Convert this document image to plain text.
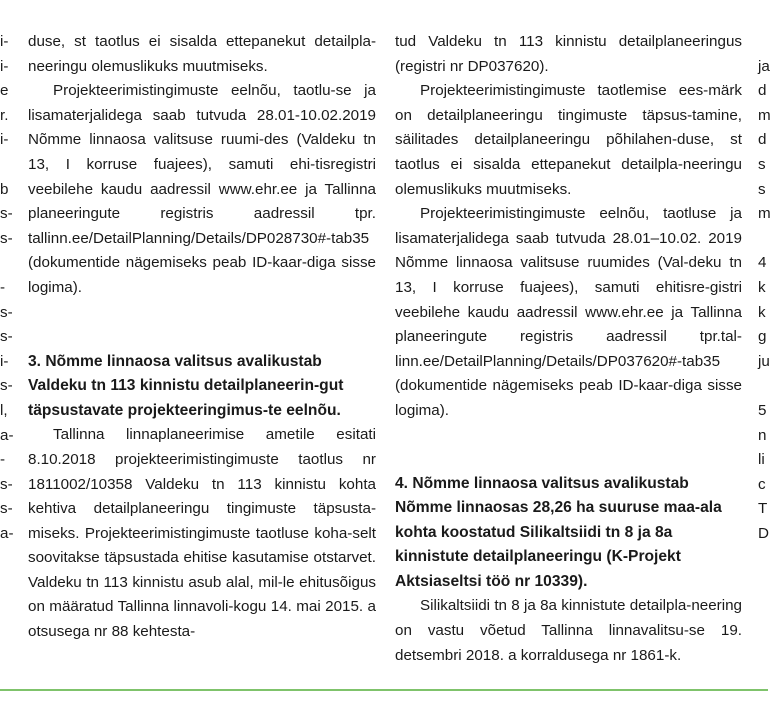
i-
i-
e
r.
i-
b
s-
s-
-
s-
s-
i-
s-
l,
a-
-
s-
s-
a-

duse, st taotlus ei sisalda ettepanekut detailpla-​neeringu olemuslikuks muutmiseks.

Projekteerimistingimuste eelnõu, taotlu-​se ja lisamaterjalidega saab tutvuda 28.01-​10.02.2019 Nõmme linnaosa valitsuse ruumi-​des (Valdeku tn 13, I korruse fuajees), samuti ehi-​tisregistri veebilehe kaudu aadressil www.ehr.ee ja Tallinna planeeringute registris aadressil tpr. tallinn.ee/DetailPlanning/Details/DP028730#-​tab35 (dokumentide nägemiseks peab ID-kaar-​diga sisse logima).

3. Nõmme linnaosa valitsus avalikustab Valdeku tn 113 kinnistu detailplaneerin-​gut täpsustavate projekteeringimus-​te eelnõu.

Tallinna linnaplaneerimise ametile esitati 8.10.2018 projekteerimistingimuste taotlus nr 1811002/10358 Valdeku tn 113 kinnistu kohta kehtiva detailplaneeringu tingimuste täpsusta-​miseks. Projekteerimistingimuste taotluse koha-​selt soovitakse täpsustada ehitise kasutamise otstarvet. Valdeku tn 113 kinnistu asub alal, mil-​le ehitusõigus on määratud Tallinna linnavoli-​kogu 14. mai 2015. a otsusega nr 88 kehtesta-

tud Valdeku tn 113 kinnistu detailplaneeringus (registri nr DP037620).

Projekteerimistingimuste taotlemise ees-​märk on detailplaneeringu tingimuste täpsus-​tamine, säilitades detailplaneeringu põhilahen-​duse, st taotlus ei sisalda ettepanekut detailpla-​neeringu olemuslikuks muutmiseks.

Projekteerimistingimuste eelnõu, taotluse ja lisamaterjalidega saab tutvuda 28.01–10.02. 2019 Nõmme linnaosa valitsuse ruumides (Val-​deku tn 13, I korruse fuajees), samuti ehitisre-​gistri veebilehe kaudu aadressil www.ehr.ee ja Tallinna planeeringute registris aadressil tpr.tal-​linn.ee/DetailPlanning/Details/DP037620#-​tab35 (dokumentide nägemiseks peab ID-kaar-​diga sisse logima).

4. Nõmme linnaosa valitsus avalikustab Nõmme linnaosas 28,26 ha suuruse maa-​ala kohta koostatud Silikaltsiidi tn 8 ja 8a kinnistute detailplaneeringu (K-Projekt Aktsiaseltsi töö nr 10339).

Silikaltsiidi tn 8 ja 8a kinnistute detailpla-​neering on vastu võetud Tallinna linnavalitsu-​se 19. detsembri 2018. a korraldusega nr 1861-k.

ja
d
m
d
s
s
m
4
k
k
g
ju
5
n
li
c
T
D
